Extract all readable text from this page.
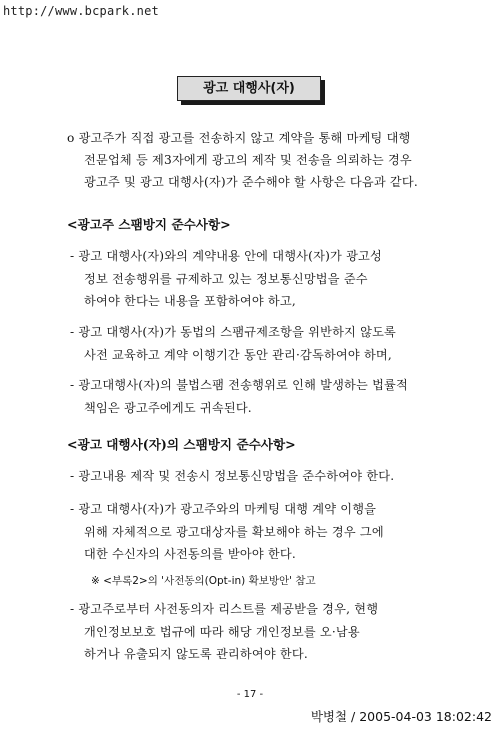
http://www.bcpark.net
광고 대행사(자)
o 광고주가 직접 광고를 전송하지 않고 계약을 통해 마케팅 대행
전문업체 등 제3자에게 광고의 제작 및 전송을 의뢰하는 경우
광고주 및 광고 대행사(자)가 준수해야 할 사항은 다음과 같다.
<광고주 스팸방지 준수사항>
- 광고 대행사(자)와의 계약내용 안에 대행사(자)가 광고성
정보 전송행위를 규제하고 있는 정보통신망법을 준수
하여야 한다는 내용을 포함하여야 하고,
- 광고 대행사(자)가 동법의 스팸규제조항을 위반하지 않도록
사전 교육하고 계약 이행기간 동안 관리·감독하여야 하며,
- 광고대행사(자)의 불법스팸 전송행위로 인해 발생하는 법률적
책임은 광고주에게도 귀속된다.
<광고 대행사(자)의 스팸방지 준수사항>
- 광고내용 제작 및 전송시 정보통신망법을 준수하여야 한다.
- 광고 대행사(자)가 광고주와의 마케팅 대행 계약 이행을
위해 자체적으로 광고대상자를 확보해야 하는 경우 그에
대한 수신자의 사전동의를 받아야 한다.
※ <부록2>의 '사전동의(Opt-in) 확보방안' 참고
- 광고주로부터 사전동의자 리스트를 제공받을 경우, 현행
개인정보보호 법규에 따라 해당 개인정보를 오·남용
하거나 유출되지 않도록 관리하여야 한다.
- 17 -
박병철 / 2005-04-03 18:02:42
